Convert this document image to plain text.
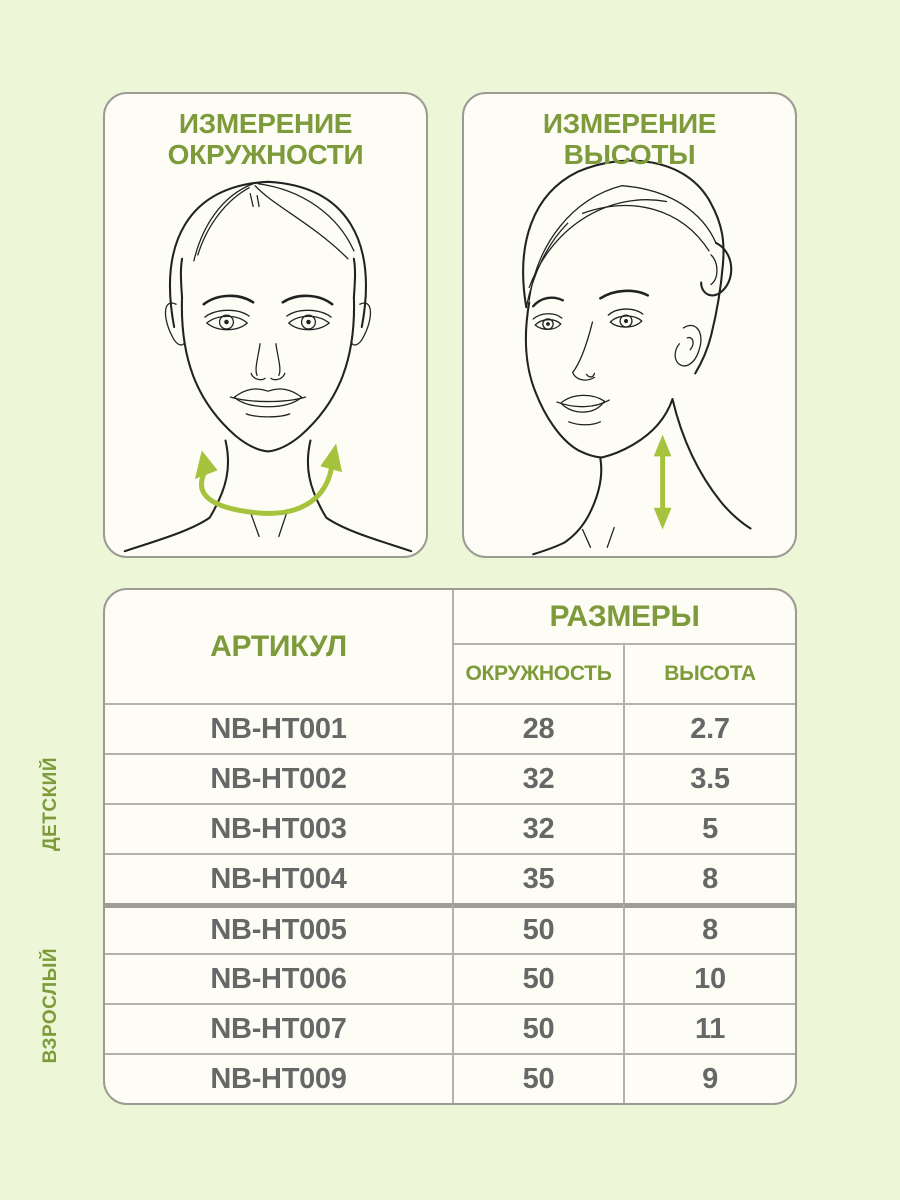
ИЗМЕРЕНИЕ
ОКРУЖНОСТИ
ИЗМЕРЕНИЕ
ВЫСОТЫ
АРТИКУЛ
РАЗМЕРЫ
ОКРУЖНОСТЬ	ВЫСОТА
NB-HT001	28	2.7
NB-HT002	32	3.5
NB-HT003	32	5
NB-HT004	35	8
NB-HT005	50	8
NB-HT006	50	10
NB-HT007	50	11
NB-HT009	50	9
ДЕТСКИЙ
ВЗРОСЛЫЙ
